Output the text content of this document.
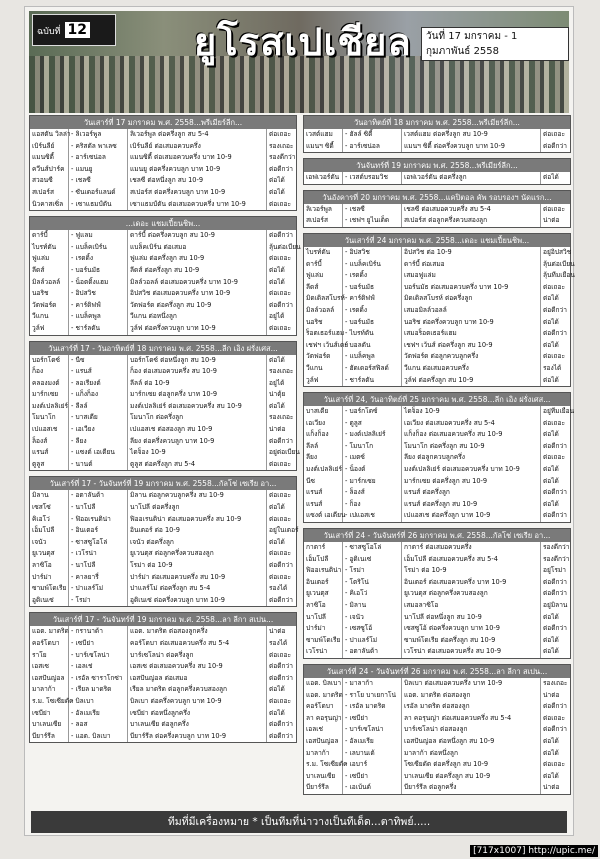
ฉบับที่ 12	ยูโรสเปเชียล	วันที่ 17 มกราคม - 1 กุมภาพันธ์ 2558
วันเสาร์ที่ 17 มกราคม พ.ศ. 2558...พรีเมียร์ลีก...
แอสตัน วิลล่า	- ลิเวอร์พูล	ลิเวอร์พูล ต่อครึ่งลูก สบ 5-4	ต่อเถอะ
เบิร์นลีย์	- คริสตัล พาเลซ	เบิร์นลีย์ ต่อเสมอควบครึ่ง	รองเถอะ
แมนซิตี้	- อาร์เซน่อล	แมนซิตี้ ต่อเสมอควบครึ่ง บาท 10-9	รองดีกว่า
ควีนส์ปาร์ค	- แมนยู	แมนยู ต่อครึ่งควบลูก บาท 10-9	ต่อดีกว่า
สวอนซี	- เชลซี	เชลซี ต่อหนึ่งลูก สบ 10-9	ต่อได้
สเปอร์ส	- ซันเดอร์แลนด์	สเปอร์ส ต่อครึ่งควบลูก บาท 10-9	ต่อได้
นิวคาสเซิ่ล	- เซาแธมป์ตัน	เซาแธมป์ตัน ต่อเสมอควบครึ่ง บาท 10-9	ต่อเถอะ
...เดอะ แชมเปี้ยนชิพ...
ดาร์บี้	- ฟูแลม	ดาร์บี้ ต่อครึ่งควบลูก สบ 10-9	ต่อดีกว่า
ไบรท์ตัน	- แบล็คเบิร์น	แบล็คเบิร์น ต่อเสมอ	ลุ้นต่อเบียน
ฟูแล่ม	- เรดดิ้ง	ฟูแล่ม ต่อครึ่งลูก สบ 10-9	ต่อเถอะ
ลีดส์	- บอร์นมัธ	ลีดส์ ต่อครึ่งลูก สบ 10-9	ต่อได้
มิลล์วอลล์	- น็อตติ้งแฮม	มิลล์วอลล์ ต่อเสมอควบครึ่ง บาท 10-9	ต่อได้
นอริช	- อิปสวิช	อิปสวิช ต่อเสมอควบครึ่ง บาท 10-9	ต่อเถอะ
วัตฟอร์ด	- คาร์ดิฟฟ์	วัตฟอร์ด ต่อครึ่งลูก สบ 10-9	ต่อดีกว่า
วีแกน	- แบล็คพูล	วีแกน ต่อหนึ่งลูก	อยู่ได้
วูล์ฟ	- ชาร์ลตัน	วูล์ฟ ต่อครึ่งควบลูก บาท 10-9	ต่อเถอะ
วันเสาร์ที่ 17 - วันอาทิตย์ที่ 18 มกราคม พ.ศ. 2558...ลีก เอิง ฝรั่งเศส...
บอร์กโดซ์	- นีซ	บอร์กโดซ์ ต่อหนึ่งลูก สบ 10-9	ต่อได้
ก็อง	- แรนส์	ก็อง ต่อเสมอควบครึ่ง สบ 10-9	รองเถอะ
คลองมงต์	- ลอเรียงต์	ลีลล์ ต่อ 10-9	อยู่ได้
มาร์กเซย	- แก็งก็อง	มาร์กเซย ต่อลูกครึ่ง บาท 10-9	น่าตุ้ย
มงต์เปลลิเย่ร์	- ลีลล์	มงต์เปลลิเย่ร์ ต่อเสมอควบครึ่ง สบ 10-9	ต่อได้
โมนาโก	- บาสเตีย	โมนาโก ต่อครึ่งลูก	รองเถอะ
เปแอสเช	- เอเวียง	เปแอสเช ต่อสองลูก สบ 10-9	น่าต่อ
ล็องส์	- ลียง	ลียง ต่อครึ่งควบลูก บาท 10-9	ต่อดีกว่า
แรนส์	- แซงต์ เอเตียน	ไดจ็อง 10-9	อยู่ต่อเบียน
ตูลูส	- นานต์	ตูลูส ต่อครึ่งลูก สบ 5-4	ต่อเถอะ
วันเสาร์ที่ 17 - วันจันทร์ที่ 19 มกราคม พ.ศ. 2558...กัลโช่ เซเรีย อา...
มิลาน	- อตาลันต้า	มิลาน ต่อลูกควบลูกครึ่ง สบ 10-9	ต่อเถอะ
เซสโซ่	- นาโปลี	นาโปลี ต่อครึ่งลูก	ต่อได้
คิเอโว่	- ฟิออเรนติน่า	ฟิออเรนติน่า ต่อเสมอควบครึ่ง สบ 10-9	ต่อเถอะ
เอ็มโปลี	- อินเตอร์	อินเตอร์ ต่อ 10-9	อยู่ในเตอร์
เจนัว	- ซาสซูโอโล่	เจนัว ต่อครึ่งลูก	ต่อได้
ยูเวนตุส	- เวโรน่า	ยูเวนตุส ต่อลูกครึ่งควบสองลูก	ต่อเถอะ
ลาซิโอ	- นาโปลี	โรม่า ต่อ 10-9	ต่อดีกว่า
ปาร์ม่า	- คาลยารี่	ปาร์ม่า ต่อเสมอควบครึ่ง สบ 10-9	ต่อเถอะ
ซามพ์โดเรีย	- ปาแลร์โม่	ปาแลร์โม่ ต่อครึ่งลูก สบ 5-4	รองได้
อูดิเนเซ่	- โรม่า	อูดิเนเซ่ ต่อครึ่งควบลูก บาท 10-9	ต่อดีกว่า
วันเสาร์ที่ 17 - วันจันทร์ที่ 19 มกราคม พ.ศ. 2558...ลา ลีกา สเปน...
แอต. มาดริด	- กรานาด้า	แอต. มาดริด ต่อสองลูกครึ่ง	น่าต่อ
คอร์โดบา	- เซบีย่า	คอร์โดบา ต่อเสมอควบครึ่ง สบ 5-4	รองได้
ราโย	- บาร์เซโลน่า	บาร์เซโลน่า ต่อครึ่งลูก	ต่อเถอะ
เอสเซ	- เอลเช่	เอสเซ ต่อเสมอควบครึ่ง สบ 10-9	ต่อดีกว่า
เอสปันญ่อล	- เรอัล ซาราโกซ่า	เอสปันญ่อล ต่อเสมอ	ต่อดีกว่า
มาลาก้า	- เรียล มาดริด	เรียล มาดริด ต่อลูกครึ่งควบสองลูก	ต่อได้
ร.ม. โซเซียดัด	- บิลเบา	บิลเบา ต่อครึ่งควบลูก บาท 10-9	ต่อเถอะ
เซบีย่า	- อัลเมเรีย	เซบีย่า ต่อหนึ่งลูกครึ่ง	ต่อได้
บาเลนเซีย	- ลอส	บาเลนเซีย ต่อลูกครึ่ง	ต่อดีกว่า
บียาร์รีล	- แอต. บิลเบา	บียาร์รีล ต่อครึ่งควบลูก บาท 10-9	ต่อดีกว่า
วันอาทิตย์ที่ 18 มกราคม พ.ศ. 2558...พรีเมียร์ลีก...
เวสต์แฮม	- ฮัลล์ ซิตี้	เวสต์แฮม ต่อครึ่งลูก สบ 10-9	ต่อเถอะ
แมนฯ ซิตี้	- อาร์เซน่อล	แมนฯ ซิตี้ ต่อครึ่งควบลูก บาท 10-9	ต่อดีกว่า
วันจันทร์ที่ 19 มกราคม พ.ศ. 2558...พรีเมียร์ลีก...
เอฟเวอร์ตัน	- เวสต์บรอมวิช	เอฟเวอร์ตัน ต่อครึ่งลูก	ต่อได้
วันอังคารที่ 20 มกราคม พ.ศ. 2558...แคปิตอล คัพ รอบรองฯ นัดแรก...
ลิเวอร์พูล	- เชลซี	เชลซี ต่อเสมอควบครึ่ง สบ 5-4	ต่อเถอะ
สเปอร์ส	- เชฟฯ ยูไนเต็ด	สเปอร์ส ต่อลูกครึ่งควบสองลูก	น่าต่อ
วันเสาร์ที่ 24 มกราคม พ.ศ. 2558...เดอะ แชมเปี้ยนชิพ...
ไบรท์ตัน	- อิปสวิช	อิปสวิช ต่อ 10-9	อยู่อิปสวิช
ดาร์บี้	- แบล็คเบิร์น	ดาร์บี้ ต่อเสมอ	ลุ้นต่อเบียน
ฟูแล่ม	- เรดดิ้ง	เสมอฟูแล่ม	ลุ้นทีมเยือน
ลีดส์	- บอร์นมัธ	บอร์นมัธ ต่อเสมอควบครึ่ง บาท 10-9	ต่อเถอะ
มิดเดิลสโบรห์	- คาร์ดิฟฟ์	มิดเดิลสโบรห์ ต่อครึ่งลูก	ต่อได้
มิลล์วอลล์	- เรดดิ้ง	เสมอมิลล์วอลล์	ต่อดีกว่า
นอริช	- บอร์นมัธ	นอริช ต่อครึ่งควบลูก บาท 10-9	ต่อได้
ร็อตเธอร์แฮม	- ไบรท์ตัน	เสมอร็อตเธอร์แฮม	ต่อดีกว่า
เชฟฯ เว้นส์เดย์	- บอลตัน	เชฟฯ เว้นส์ ต่อครึ่งลูก สบ 10-9	ต่อได้
วัตฟอร์ด	- แบล็คพูล	วัตฟอร์ด ต่อลูกควบลูกครึ่ง	ต่อเถอะ
วีแกน	- ฮัดเดอร์สฟิลด์	วีแกน ต่อเสมอควบครึ่ง	รองได้
วูล์ฟ	- ชาร์ลตัน	วูล์ฟ ต่อครึ่งลูก สบ 10-9	ต่อได้
วันเสาร์ที่ 24, วันอาทิตย์ที่ 25 มกราคม พ.ศ. 2558...ลีก เอิง ฝรั่งเศส...
บาสเตีย	- บอร์กโดซ์	ไดจ็อง 10-9	อยู่ทีมเยือน
เอเวียง	- ตูลูส	เอเวียง ต่อเสมอควบครึ่ง สบ 5-4	ต่อเถอะ
แก็งก็อง	- มงต์เปลลิเย่ร์	แก็งก็อง ต่อเสมอควบครึ่ง สบ 10-9	ต่อได้
ลีลล์	- โมนาโก	โมนาโก ต่อครึ่งลูก สบ 10-9	ต่อดีกว่า
ลียง	- เมตซ์	ลียง ต่อลูกควบลูกครึ่ง	ต่อเถอะ
มงต์เปลลิเย่ร์	- น็องต์	มงต์เปลลิเย่ร์ ต่อเสมอควบครึ่ง บาท 10-9	ต่อได้
นีซ	- มาร์กเซย	มาร์กเซย ต่อครึ่งลูก สบ 10-9	ต่อได้
แรนส์	- ล็องส์	แรนส์ ต่อครึ่งลูก	ต่อดีกว่า
แรนส์	- ก็อง	แรนส์ ต่อครึ่งลูก สบ 10-9	ต่อได้
แซงต์ เอเตียน	- เปแอสเช	เปแอสเช ต่อครึ่งลูก บาท 10-9	ต่อดีกว่า
วันเสาร์ที่ 24 - วันจันทร์ที่ 26 มกราคม พ.ศ. 2558...กัลโช่ เซเรีย อา...
กาตาร์	- ซาสซูโอโล่	กาตาร์ ต่อเสมอควบครึ่ง	รองดีกว่า
เอ็มโปลี	- อูดิเนเซ่	เอ็มโปลี ต่อเสมอควบครึ่ง สบ 5-4	รองดีกว่า
ฟิออเรนติน่า	- โรม่า	โรม่า ต่อ 10-9	อยู่โรม่า
อินเตอร์	- โตริโน่	อินเตอร์ ต่อเสมอควบครึ่ง บาท 10-9	ต่อดีกว่า
ยูเวนตุส	- คิเอโว่	ยูเวนตุส ต่อลูกครึ่งควบสองลูก	ต่อดีกว่า
ลาซิโอ	- มิลาน	เสมอลาซิโอ	อยู่มิลาน
นาโปลี	- เจนัว	นาโปลี ต่อหนึ่งลูก สบ 10-9	ต่อได้
ปาร์ม่า	- เซสซูโอ้	เซสซูโอ้ ต่อครึ่งควบลูก บาท 10-9	ต่อดีกว่า
ซามพ์โดเรีย	- ปาแลร์โม่	ซามพ์โดเรีย ต่อครึ่งลูก สบ 10-9	ต่อได้
เวโรน่า	- อตาลันต้า	เวโรน่า ต่อเสมอควบครึ่ง สบ 10-9	ต่อได้
วันเสาร์ที่ 24 - วันจันทร์ที่ 26 มกราคม พ.ศ. 2558...ลา ลีกา สเปน...
แอต. บิลเบา	- มาลาก้า	บิลเบา ต่อเสมอควบครึ่ง บาท 10-9	รองเถอะ
แอต. มาดริด	- ราโย บาเยกาโน่	แอต. มาดริด ต่อสองลูก	น่าต่อ
คอร์โดบา	- เรอัล มาดริด	เรอัล มาดริด ต่อสองลูก	ต่อดีกว่า
ลา คอรุนญ่า	- เซบีย่า	ลา คอรุนญ่า ต่อเสมอควบครึ่ง สบ 5-4	ต่อเถอะ
เอลเช่	- บาร์เซโลน่า	บาร์เซโลน่า ต่อสองลูก	ต่อดีกว่า
เอสปันญ่อล	- อัลเมเรีย	เอสปันญ่อล ต่อหนึ่งลูก สบ 10-9	ต่อได้
มาลาก้า	- เลบานเต้	มาลาก้า ต่อหนึ่งลูก	ต่อได้
ร.ม. โซเซียดัด	- เอบาร์	โซเซียดัด ต่อครึ่งลูก สบ 10-9	ต่อเถอะ
บาเลนเซีย	- เซบีย่า	บาเลนเซีย ต่อครึ่งลูก สบ 10-9	ต่อได้
บียาร์รีล	- เอเบ้นต์	บียาร์รีล ต่อลูกครึ่ง	น่าต่อ
ทีมที่มีเครื่องหมาย * เป็นทีมที่น่าวางเป็นทีเด็ด...ตาทิพย์.....
[717x1007] http://upic.me/
